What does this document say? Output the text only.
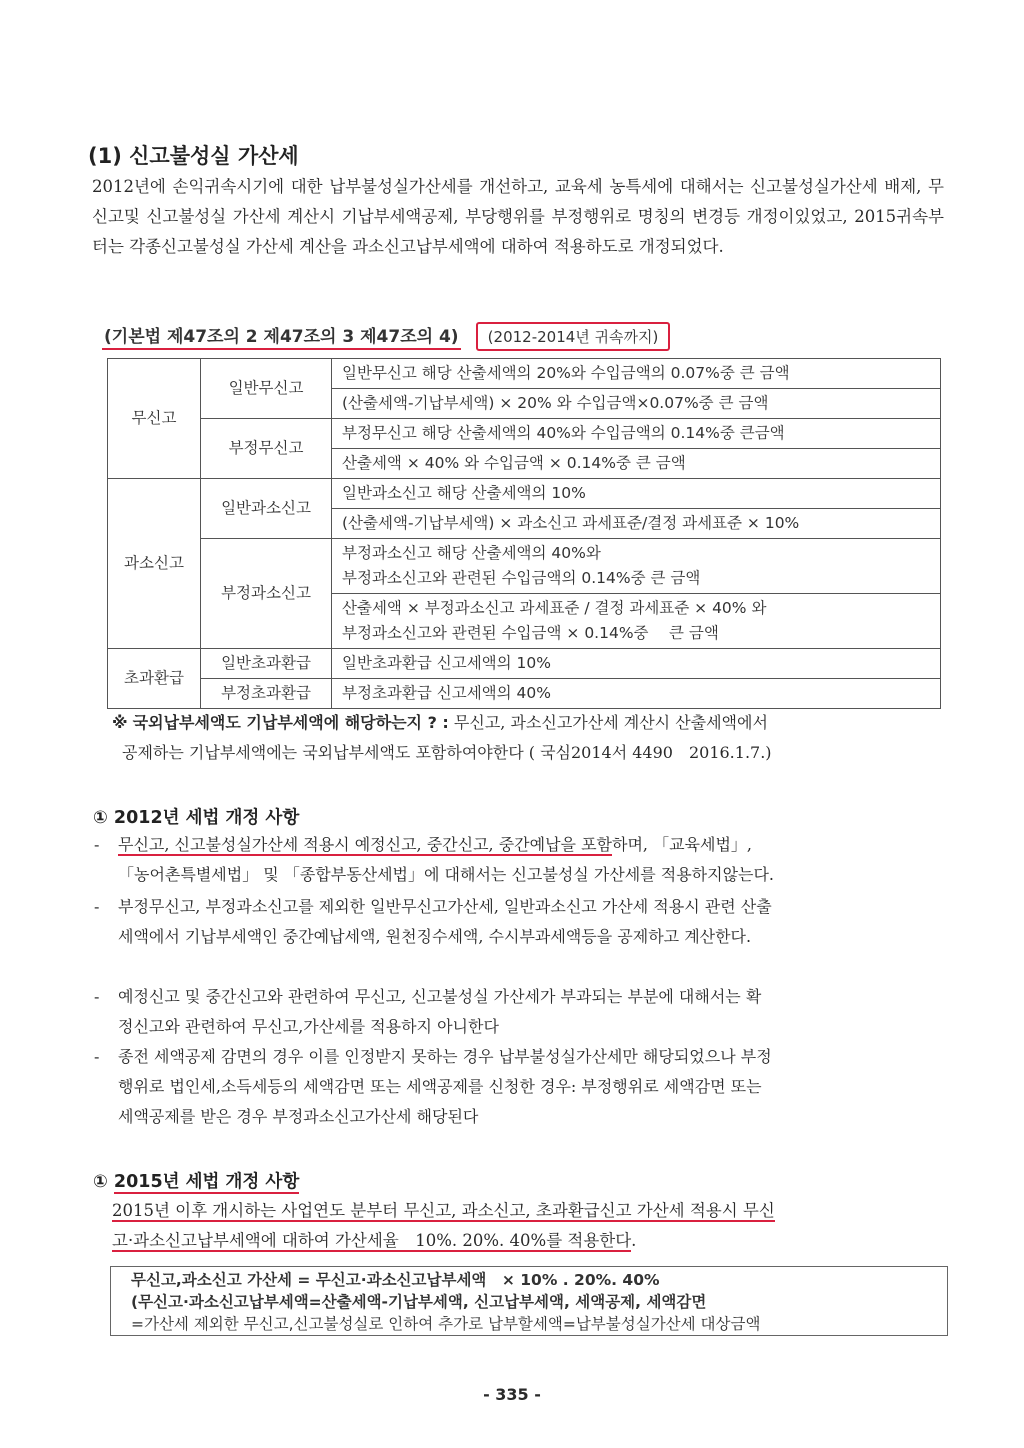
(1) 신고불성실 가산세

2012년에 손익귀속시기에 대한 납부불성실가산세를 개선하고, 교육세 농특세에 대해서는 신고불성실가산세 배제, 무신고및 신고불성실 가산세 계산시 기납부세액공제, 부당행위를 부정행위로 명칭의 변경등 개정이있었고, 2015귀속부터는 각종신고불성실 가산세 계산을 과소신고납부세액에 대하여 적용하도로 개정되었다.

(기본법 제47조의 2 제47조의 3 제47조의 4) (2012-2014년 귀속까지)
무신고	일반무신고	일반무신고 해당 산출세액의 20%와 수입금액의 0.07%중 큰 금액
		(산출세액-기납부세액) × 20% 와 수입금액×0.07%중 큰 금액
	부정무신고	부정무신고 해당 산출세액의 40%와 수입금액의 0.14%중 큰금액
		산출세액 × 40% 와 수입금액 × 0.14%중 큰 금액
과소신고	일반과소신고	일반과소신고 해당 산출세액의 10%
		(산출세액-기납부세액) × 과소신고 과세표준/결정 과세표준 × 10%
	부정과소신고	부정과소신고 해당 산출세액의 40%와
부정과소신고와 관련된 수입금액의 0.14%중 큰 금액

		산출세액 × 부정과소신고 과세표준 / 결정 과세표준 × 40% 와
부정과소신고와 관련된 수입금액 × 0.14%중　 큰 금액

초과환급	일반초과환급	일반초과환급 신고세액의 10%
	부정초과환급	부정초과환급 신고세액의 40%
※ 국외납부세액도 기납부세액에 해당하는지 ? : 무신고, 과소신고가산세 계산시 산출세액에서
공제하는 기납부세액에는 국외납부세액도 포함하여야한다 ( 국심2014서 4490　2016.1.7.)
① 2012년 세법 개정 사항

- 무신고, 신고불성실가산세 적용시 예정신고, 중간신고, 중간예납을 포함하며, 「교육세법」,
「농어촌특별세법」 및 「종합부동산세법」에 대해서는 신고불성실 가산세를 적용하지않는다.

- 부정무신고, 부정과소신고를 제외한 일반무신고가산세, 일반과소신고 가산세 적용시 관련 산출
세액에서 기납부세액인 중간예납세액, 원천징수세액, 수시부과세액등을 공제하고 계산한다.

- 예정신고 및 중간신고와 관련하여 무신고, 신고불성실 가산세가 부과되는 부분에 대해서는 확
정신고와 관련하여 무신고,가산세를 적용하지 아니한다

- 종전 세액공제 감면의 경우 이를 인정받지 못하는 경우 납부불성실가산세만 해당되었으나 부정
행위로 법인세,소득세등의 세액감면 또는 세액공제를 신청한 경우: 부정행위로 세액감면 또는
세액공제를 받은 경우 부정과소신고가산세 해당된다

① 2015년 세법 개정 사항

2015년 이후 개시하는 사업연도 분부터 무신고, 과소신고, 초과환급신고 가산세 적용시 무신
고·과소신고납부세액에 대하여 가산세율　10%. 20%. 40%를 적용한다.

무신고,과소신고 가산세 = 무신고·과소신고납부세액　× 10% . 20%. 40%
(무신고·과소신고납부세액=산출세액-기납부세액, 신고납부세액, 세액공제, 세액감면
=가산세 제외한 무신고,신고불성실로 인하여 추가로 납부할세액=납부불성실가산세 대상금액
- 335 -
